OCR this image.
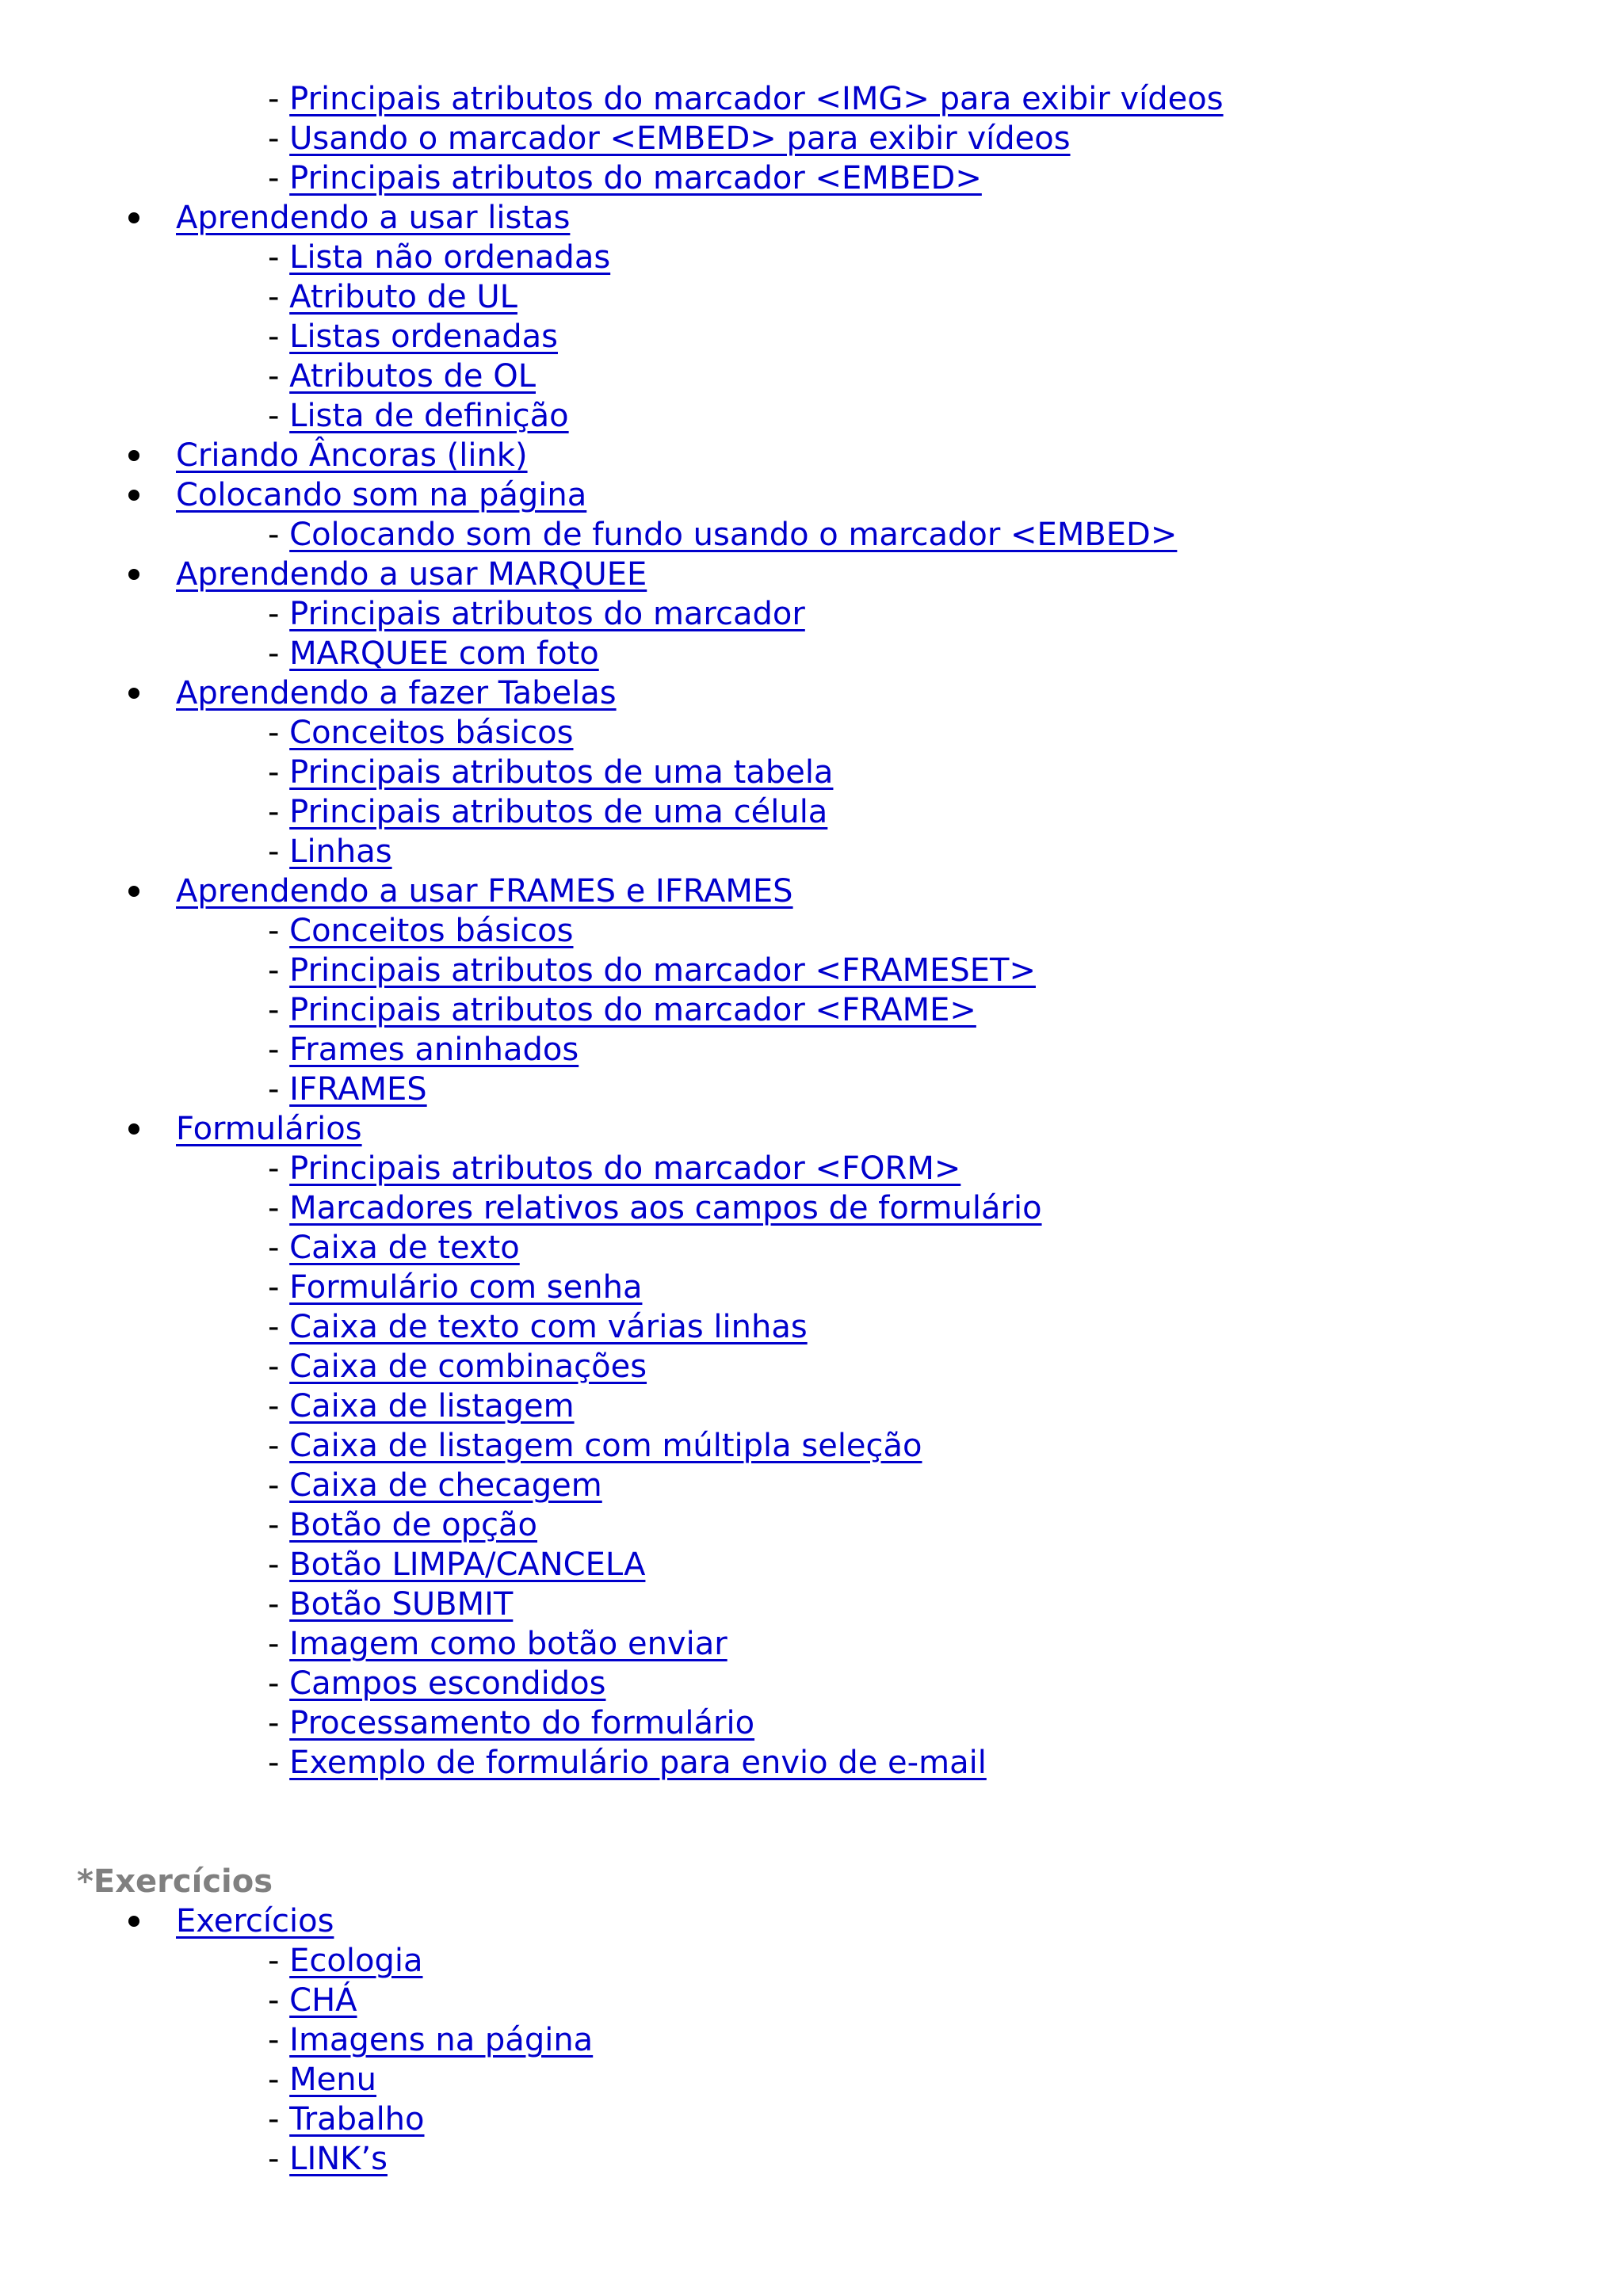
- Principais atributos do marcador <IMG> para exibir vídeos
- Usando o marcador <EMBED> para exibir vídeos
- Principais atributos do marcador <EMBED>
Aprendendo a usar listas
- Lista não ordenadas
- Atributo de UL
- Listas ordenadas
- Atributos de OL
- Lista de definição
Criando Âncoras (link)
Colocando som na página
- Colocando som de fundo usando o marcador <EMBED>
Aprendendo a usar MARQUEE
- Principais atributos do marcador
- MARQUEE com foto
Aprendendo a fazer Tabelas
- Conceitos básicos
- Principais atributos de uma tabela
- Principais atributos de uma célula
- Linhas
Aprendendo a usar FRAMES e IFRAMES
- Conceitos básicos
- Principais atributos do marcador <FRAMESET>
- Principais atributos do marcador <FRAME>
- Frames aninhados
- IFRAMES
Formulários
- Principais atributos do marcador <FORM>
- Marcadores relativos aos campos de formulário
- Caixa de texto
- Formulário com senha
- Caixa de texto com várias linhas
- Caixa de combinações
- Caixa de listagem
- Caixa de listagem com múltipla seleção
- Caixa de checagem
- Botão de opção
- Botão LIMPA/CANCELA
- Botão SUBMIT
- Imagem como botão enviar
- Campos escondidos
- Processamento do formulário
- Exemplo de formulário para envio de e-mail
*Exercícios
Exercícios
- Ecologia
- CHÁ
- Imagens na página
- Menu
- Trabalho
- LINK’s
